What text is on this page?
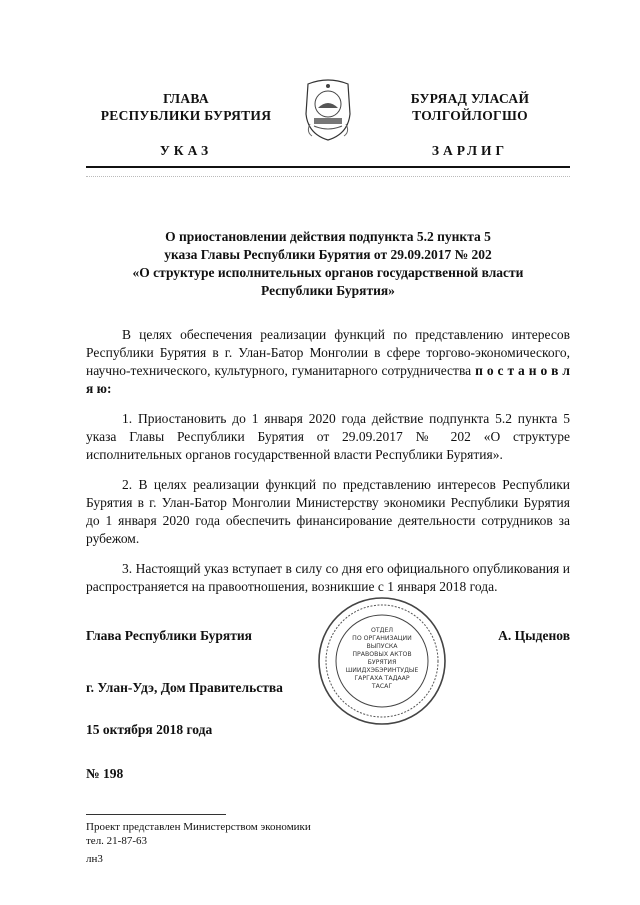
ГЛАВА
РЕСПУБЛИКИ БУРЯТИЯ
БУРЯАД УЛАСАЙ
ТОЛГОЙЛОГШО
УКАЗ	ЗАРЛИГ
О приостановлении действия подпункта 5.2 пункта 5
указа Главы Республики Бурятия от 29.09.2017 № 202
«О структуре исполнительных органов государственной власти
Республики Бурятия»

В целях обеспечения реализации функций по представлению интересов Республики Бурятия в г. Улан-Батор Монголии в сфере торгово-экономического, научно-технического, культурного, гуманитарного сотрудничества п о с т а н о в л я ю:

1. Приостановить до 1 января 2020 года действие подпункта 5.2 пункта 5 указа Главы Республики Бурятия от 29.09.2017 № 202 «О структуре исполнительных органов государственной власти Республики Бурятия».

2. В целях реализации функций по представлению интересов Республики Бурятия в г. Улан-Батор Монголии Министерству экономики Республики Бурятия до 1 января 2020 года обеспечить финансирование деятельности сотрудников за рубежом.

3. Настоящий указ вступает в силу со дня его официального опубликования и распространяется на правоотношения, возникшие с 1 января 2018 года.

ОТДЕЛ
ПО ОРГАНИЗАЦИИ
ВЫПУСКА
ПРАВОВЫХ АКТОВ
БУРЯТИЯ
ШИИДХЭБЭРИНТУДЫЕ
ГАРГАХА ТАДААР
ТАСАГ
Глава Республики Бурятия	А. Цыденов
г. Улан-Удэ, Дом Правительства
15 октября 2018 года
№ 198
Проект представлен Министерством экономики
тел. 21-87-63
лн3
